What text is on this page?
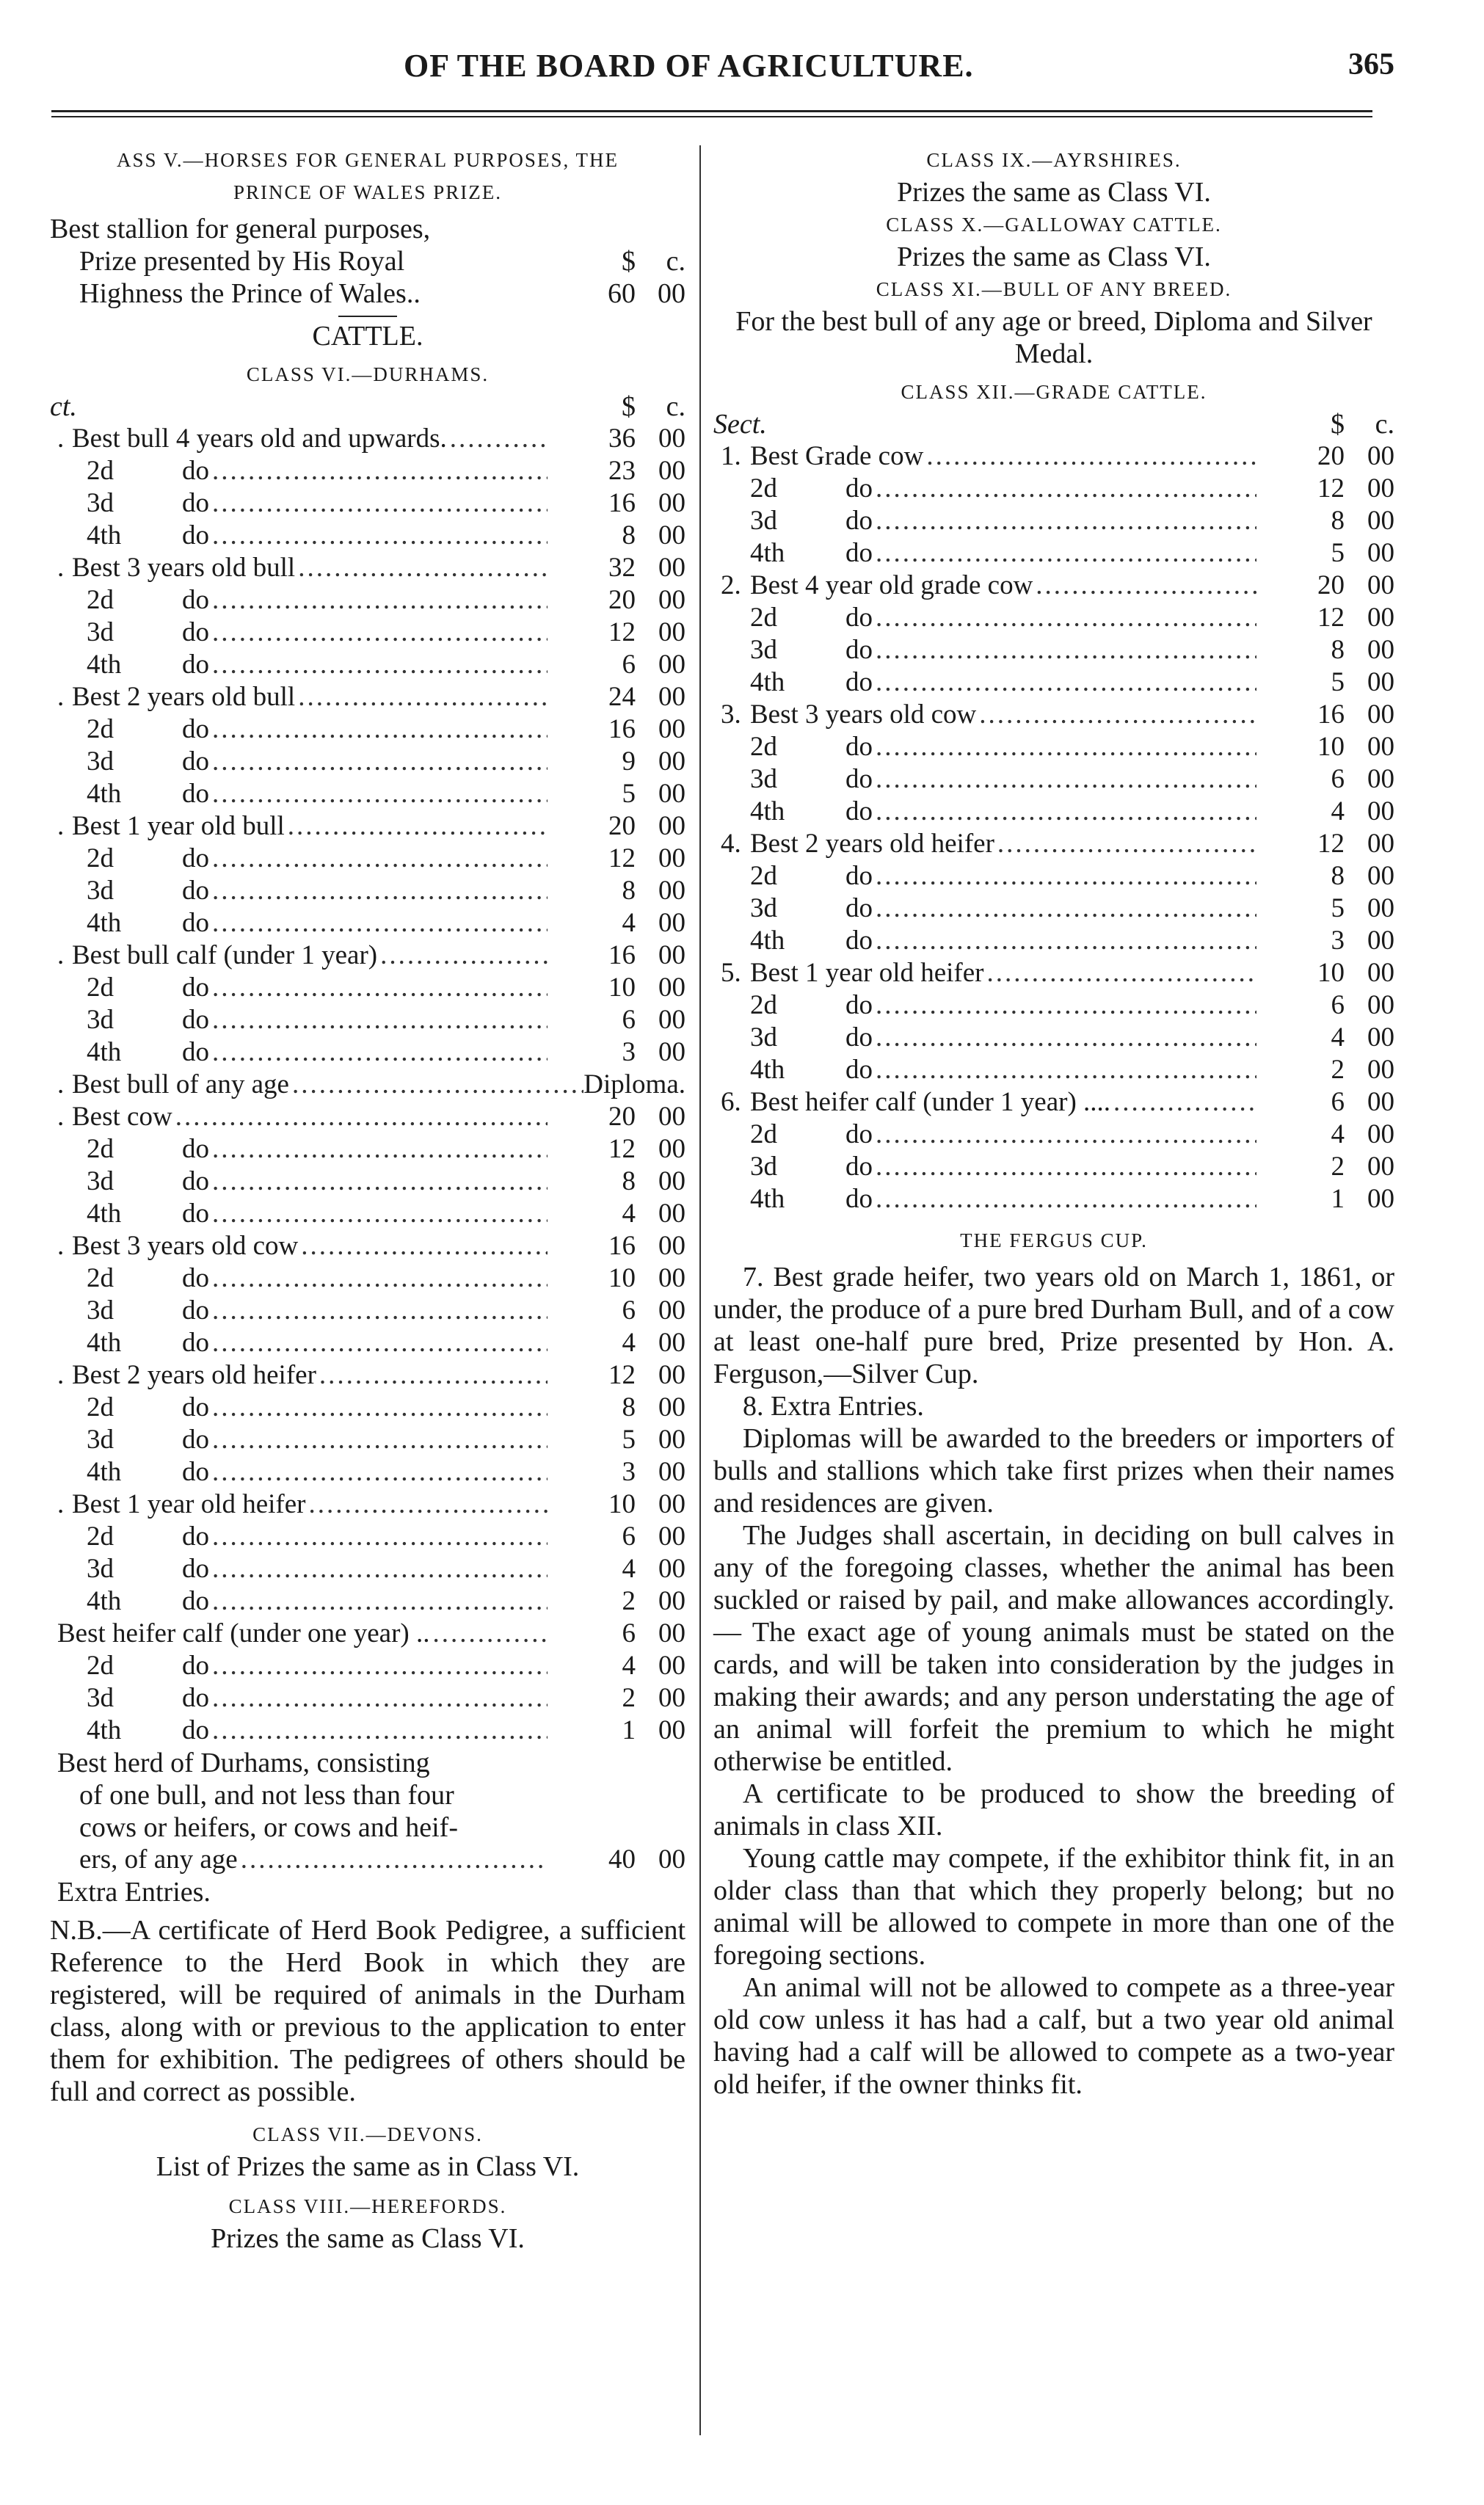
OF THE BOARD OF AGRICULTURE.	365
ASS V.—HORSES FOR GENERAL PURPOSES, THE
PRINCE OF WALES PRIZE.
Best stallion for general purposes,
Prize presented by His Royal	$	c.
Highness the Prince of Wales..	60 00
CATTLE.
CLASS VI.—DURHAMS.
ct.	$	c.
. Best bull 4 years old and upwards. .....	36 00
2d	do .....	23 00
3d	do .....	16 00
4th do .....	8 00
. Best 3 years old bull .....	32 00
2d	do .....	20 00
3d	do .....	12 00
4th do .....	6 00
. Best 2 years old bull .....	24 00
2d	do .....	16 00
3d	do .....	9 00
4th do .....	5 00
. Best 1 year old bull .....	20 00
2d	do .....	12 00
3d	do .....	8 00
4th do .....	4 00
. Best bull calf (under 1 year) .....	16 00
2d	do .....	10 00
3d	do .....	6 00
4th do .....	3 00
. Best bull of any age .....	Diploma.
. Best cow .....	20 00
2d	do .....	12 00
3d	do .....	8 00
4th do .....	4 00
. Best 3 years old cow .....	16 00
2d	do .....	10 00
3d	do .....	6 00
4th do .....	4 00
. Best 2 years old heifer .....	12 00
2d	do .....	8 00
3d	do .....	5 00
4th do .....	3 00
. Best 1 year old heifer .....	10 00
2d	do .....	6 00
3d	do .....	4 00
4th do .....	2 00
Best heifer calf (under one year) .. .....	6 00
2d	do .....	4 00
3d	do .....	2 00
4th do .....	1 00
Best herd of Durhams, consisting
of one bull, and not less than four
cows or heifers, or cows and heif-
ers, of any age .....	40 00
Extra Entries.
N.B.—A certificate of Herd Book Pedigree, a sufficient Reference to the Herd Book in which they are registered, will be required of animals in the Durham class, along with or previous to the application to enter them for exhibition. The pedigrees of others should be full and correct as possible.
CLASS VII.—DEVONS.
List of Prizes the same as in Class VI.
CLASS VIII.—HEREFORDS.
Prizes the same as Class VI.
CLASS IX.—AYRSHIRES.
Prizes the same as Class VI.
CLASS X.—GALLOWAY CATTLE.
Prizes the same as Class VI.
CLASS XI.—BULL OF ANY BREED.
For the best bull of any age or breed, Diploma and Silver Medal.
CLASS XII.—GRADE CATTLE.
Sect.	$	c.
1. Best Grade cow .....	20 00
2d	do .....	12 00
3d	do .....	8 00
4th do .....	5 00
2. Best 4 year old grade cow .....	20 00
2d	do .....	12 00
3d	do .....	8 00
4th do .....	5 00
3. Best 3 years old cow .....	16 00
2d	do .....	10 00
3d	do .....	6 00
4th do .....	4 00
4. Best 2 years old heifer .....	12 00
2d	do .....	8 00
3d	do .....	5 00
4th do .....	3 00
5. Best 1 year old heifer .....	10 00
2d	do .....	6 00
3d	do .....	4 00
4th do .....	2 00
6. Best heifer calf (under 1 year) .... .....	6 00
2d	do .....	4 00
3d	do .....	2 00
4th do .....	1 00
THE FERGUS CUP.
7. Best grade heifer, two years old on March 1, 1861, or under, the produce of a pure bred Durham Bull, and of a cow at least one-half pure bred, Prize presented by Hon. A. Ferguson,—Silver Cup.
8. Extra Entries.
Diplomas will be awarded to the breeders or importers of bulls and stallions which take first prizes when their names and residences are given.
The Judges shall ascertain, in deciding on bull calves in any of the foregoing classes, whether the animal has been suckled or raised by pail, and make allowances accordingly.— The exact age of young animals must be stated on the cards, and will be taken into consideration by the judges in making their awards; and any person understating the age of an animal will forfeit the premium to which he might otherwise be entitled.
A certificate to be produced to show the breeding of animals in class XII.
Young cattle may compete, if the exhibitor think fit, in an older class than that which they properly belong; but no animal will be allowed to compete in more than one of the foregoing sections.
An animal will not be allowed to compete as a three-year old cow unless it has had a calf, but a two year old animal having had a calf will be allowed to compete as a two-year old heifer, if the owner thinks fit.
